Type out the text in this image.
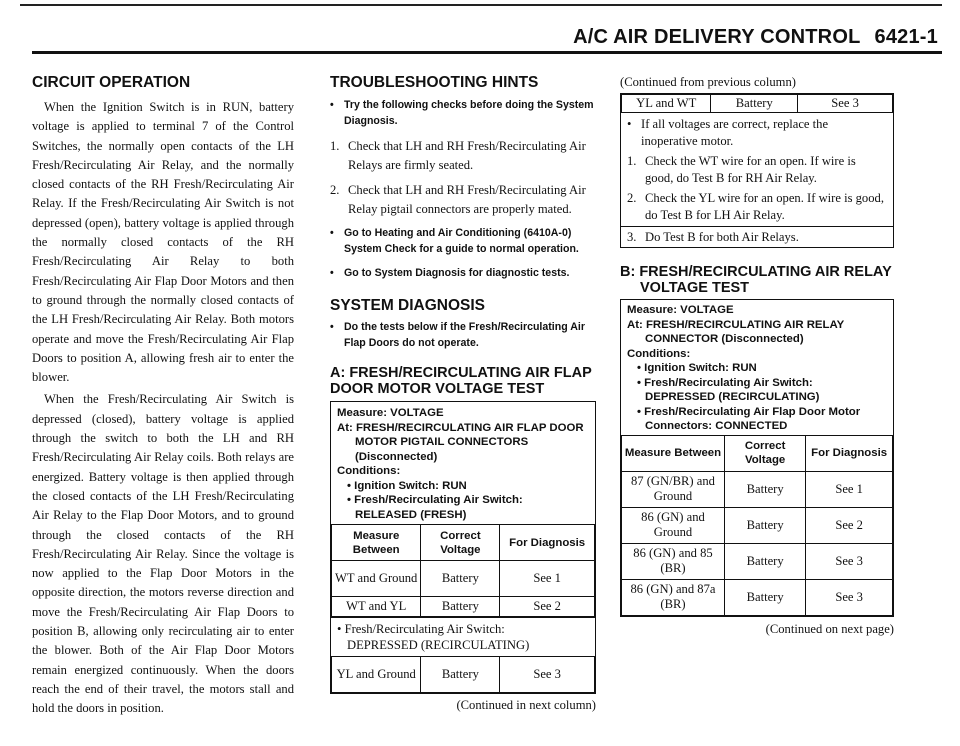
A/C AIR DELIVERY CONTROL 6421-1
CIRCUIT OPERATION

When the Ignition Switch is in RUN, battery voltage is applied to terminal 7 of the Control Switches, the normally open contacts of the LH Fresh/Recirculating Air Relay, and the normally closed contacts of the RH Fresh/Recirculating Air Relay. If the Fresh/Recirculating Air Switch is not depressed (open), battery voltage is applied through the normally closed contacts of the RH Fresh/Recirculating Air Relay to both Fresh/Recirculating Air Flap Door Motors and then to ground through the normally closed contacts of the LH Fresh/Recirculating Air Relay. Both motors operate and move the Fresh/Recirculating Air Flap Doors to position A, allowing fresh air to enter the blower.

When the Fresh/Recirculating Air Switch is depressed (closed), battery voltage is applied through the switch to both the LH and RH Fresh/Recirculating Air Relay coils. Both relays are energized. Battery voltage is then applied through the closed contacts of the LH Fresh/Recirculating Air Relay to the Flap Door Motors, and to ground through the closed contacts of the RH Fresh/Recirculating Air Relay. Since the voltage is now applied to the Flap Door Motors in the opposite direction, the motors reverse direction and move the Fresh/Recirculating Air Flap Doors to position B, allowing only recirculating air to enter the blower. Both of the Air Flap Door Motors remain energized continuously. When the doors reach the end of their travel, the motors stall and hold the doors in position.

TROUBLESHOOTING HINTS
• Try the following checks before doing the System Diagnosis.
1. Check that LH and RH Fresh/Recirculating Air Relays are firmly seated.
2. Check that LH and RH Fresh/Recirculating Air Relay pigtail connectors are properly mated.
• Go to Heating and Air Conditioning (6410A-0) System Check for a guide to normal operation.
• Go to System Diagnosis for diagnostic tests.
SYSTEM DIAGNOSIS
• Do the tests below if the Fresh/Recirculating Air Flap Doors do not operate.
A: FRESH/RECIRCULATING AIR FLAP DOOR MOTOR VOLTAGE TEST
Measure: VOLTAGE
At: FRESH/RECIRCULATING AIR FLAP DOOR
MOTOR PIGTAIL CONNECTORS
(Disconnected)
Conditions:
• Ignition Switch: RUN
• Fresh/Recirculating Air Switch:
RELEASED (FRESH)
Measure Between	Correct Voltage	For Diagnosis
WT and Ground	Battery	See 1
WT and YL	Battery	See 2
• Fresh/Recirculating Air Switch:
DEPRESSED (RECIRCULATING)
YL and Ground	Battery	See 3
(Continued in next column)
(Continued from previous column)
YL and WT	Battery	See 3
• If all voltages are correct, replace the inoperative motor.
1. Check the WT wire for an open. If wire is good, do Test B for RH Air Relay.
2. Check the YL wire for an open. If wire is good, do Test B for LH Air Relay.
3. Do Test B for both Air Relays.
B: FRESH/RECIRCULATING AIR RELAY
VOLTAGE TEST
Measure: VOLTAGE
At: FRESH/RECIRCULATING AIR RELAY
CONNECTOR (Disconnected)
Conditions:
• Ignition Switch: RUN
• Fresh/Recirculating Air Switch:
DEPRESSED (RECIRCULATING)
• Fresh/Recirculating Air Flap Door Motor
Connectors: CONNECTED
Measure Between	Correct Voltage	For Diagnosis
87 (GN/BR) and Ground	Battery	See 1
86 (GN) and Ground	Battery	See 2
86 (GN) and 85 (BR)	Battery	See 3
86 (GN) and 87a (BR)	Battery	See 3
(Continued on next page)
